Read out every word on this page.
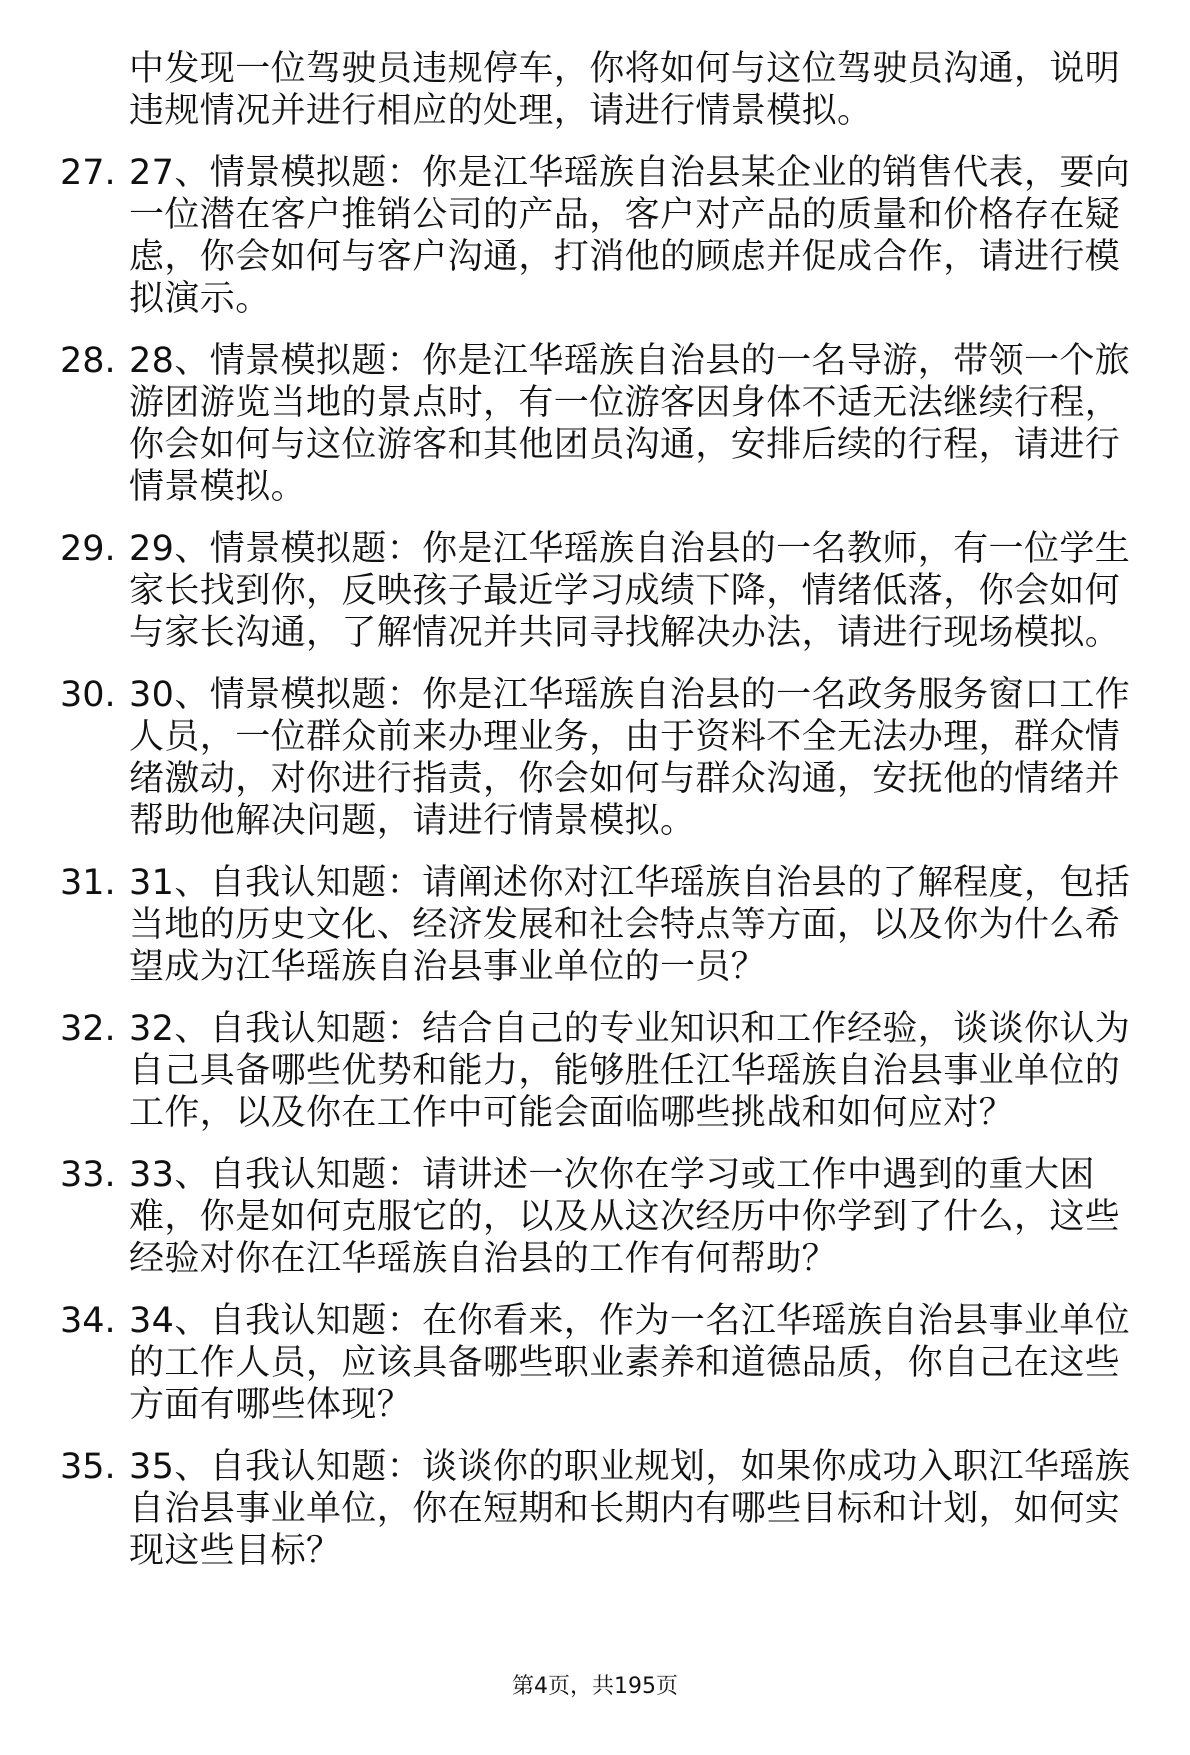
中发现一位驾驶员违规停车，你将如何与这位驾驶员沟通，说明违规情况并进行相应的处理，请进行情景模拟。
27. 27、情景模拟题：你是江华瑶族自治县某企业的销售代表，要向一位潜在客户推销公司的产品，客户对产品的质量和价格存在疑虑，你会如何与客户沟通，打消他的顾虑并促成合作，请进行模拟演示。
28. 28、情景模拟题：你是江华瑶族自治县的一名导游，带领一个旅游团游览当地的景点时，有一位游客因身体不适无法继续行程，你会如何与这位游客和其他团员沟通，安排后续的行程，请进行情景模拟。
29. 29、情景模拟题：你是江华瑶族自治县的一名教师，有一位学生家长找到你，反映孩子最近学习成绩下降，情绪低落，你会如何与家长沟通，了解情况并共同寻找解决办法，请进行现场模拟。
30. 30、情景模拟题：你是江华瑶族自治县的一名政务服务窗口工作人员，一位群众前来办理业务，由于资料不全无法办理，群众情绪激动，对你进行指责，你会如何与群众沟通，安抚他的情绪并帮助他解决问题，请进行情景模拟。
31. 31、自我认知题：请阐述你对江华瑶族自治县的了解程度，包括当地的历史文化、经济发展和社会特点等方面，以及你为什么希望成为江华瑶族自治县事业单位的一员？
32. 32、自我认知题：结合自己的专业知识和工作经验，谈谈你认为自己具备哪些优势和能力，能够胜任江华瑶族自治县事业单位的工作，以及你在工作中可能会面临哪些挑战和如何应对？
33. 33、自我认知题：请讲述一次你在学习或工作中遇到的重大困难，你是如何克服它的，以及从这次经历中你学到了什么，这些经验对你在江华瑶族自治县的工作有何帮助？
34. 34、自我认知题：在你看来，作为一名江华瑶族自治县事业单位的工作人员，应该具备哪些职业素养和道德品质，你自己在这些方面有哪些体现？
35. 35、自我认知题：谈谈你的职业规划，如果你成功入职江华瑶族自治县事业单位，你在短期和长期内有哪些目标和计划，如何实现这些目标？
第4页，共195页
